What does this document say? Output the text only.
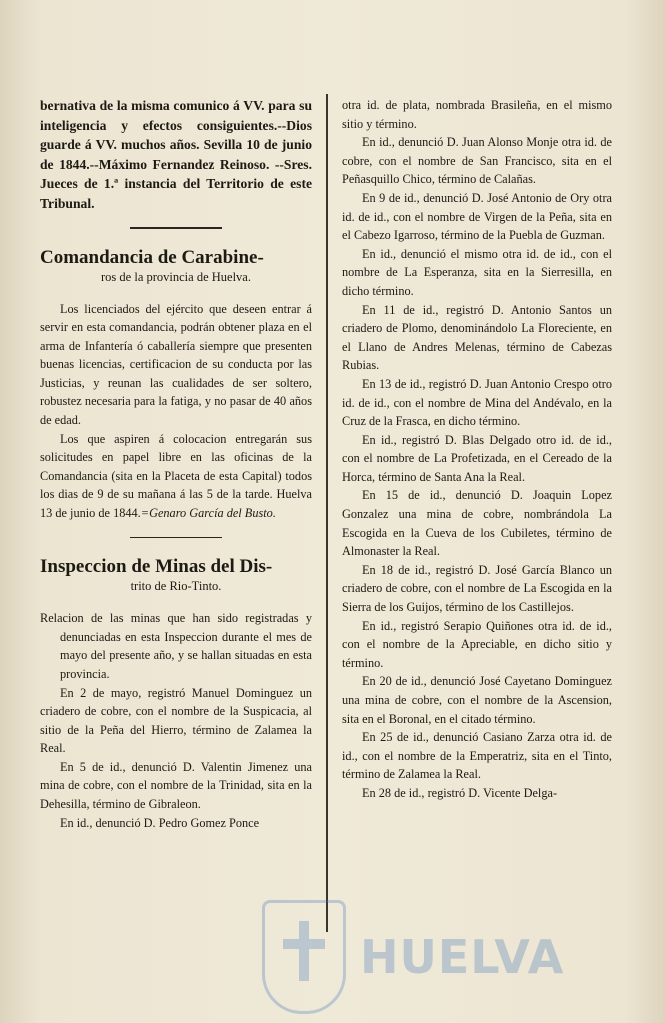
bernativa de la misma comunico á VV. para su inteligencia y efectos consiguientes.--Dios guarde á VV. muchos años. Sevilla 10 de junio de 1844.--Máximo Fernandez Reinoso. --Sres. Jueces de 1.ª instancia del Territorio de este Tribunal.

Comandancia de Carabine-
ros de la provincia de Huelva.

Los licenciados del ejército que deseen entrar á servir en esta comandancia, podrán obtener plaza en el arma de Infantería ó caballería siempre que presenten buenas licencias, certificacion de su conducta por las Justicias, y reunan las cualidades de ser soltero, robustez necesaria para la fatiga, y no pasar de 40 años de edad.

Los que aspiren á colocacion entregarán sus solicitudes en papel libre en las oficinas de la Comandancia (sita en la Placeta de esta Capital) todos los dias de 9 de su mañana á las 5 de la tarde. Huelva 13 de junio de 1844.=Genaro García del Busto.

Inspeccion de Minas del Dis-
trito de Rio-Tinto.

Relacion de las minas que han sido registradas y denunciadas en esta Inspeccion durante el mes de mayo del presente año, y se hallan situadas en esta provincia.

En 2 de mayo, registró Manuel Dominguez un criadero de cobre, con el nombre de la Suspicacia, al sitio de la Peña del Hierro, término de Zalamea la Real.

En 5 de id., denunció D. Valentin Jimenez una mina de cobre, con el nombre de la Trinidad, sita en la Dehesilla, término de Gibraleon.

En id., denunció D. Pedro Gomez Ponce

otra id. de plata, nombrada Brasileña, en el mismo sitio y término.

En id., denunció D. Juan Alonso Monje otra id. de cobre, con el nombre de San Francisco, sita en el Peñasquillo Chico, término de Calañas.

En 9 de id., denunció D. José Antonio de Ory otra id. de id., con el nombre de Virgen de la Peña, sita en el Cabezo Igarroso, término de la Puebla de Guzman.

En id., denunció el mismo otra id. de id., con el nombre de La Esperanza, sita en la Sierresilla, en dicho término.

En 11 de id., registró D. Antonio Santos un criadero de Plomo, denominándolo La Floreciente, en el Llano de Andres Melenas, término de Cabezas Rubias.

En 13 de id., registró D. Juan Antonio Crespo otro id. de id., con el nombre de Mina del Andévalo, en la Cruz de la Frasca, en dicho término.

En id., registró D. Blas Delgado otro id. de id., con el nombre de La Profetizada, en el Cereado de la Horca, término de Santa Ana la Real.

En 15 de id., denunció D. Joaquin Lopez Gonzalez una mina de cobre, nombrándola La Escogida en la Cueva de los Cubiletes, término de Almonaster la Real.

En 18 de id., registró D. José García Blanco un criadero de cobre, con el nombre de La Escogida en la Sierra de los Guijos, término de los Castillejos.

En id., registró Serapio Quiñones otra id. de id., con el nombre de la Apreciable, en dicho sitio y término.

En 20 de id., denunció José Cayetano Dominguez una mina de cobre, con el nombre de la Ascension, sita en el Boronal, en el citado término.

En 25 de id., denunció Casiano Zarza otra id. de id., con el nombre de la Emperatriz, sita en el Tinto, término de Zalamea la Real.

En 28 de id., registró D. Vicente Delga-

HUELVA
